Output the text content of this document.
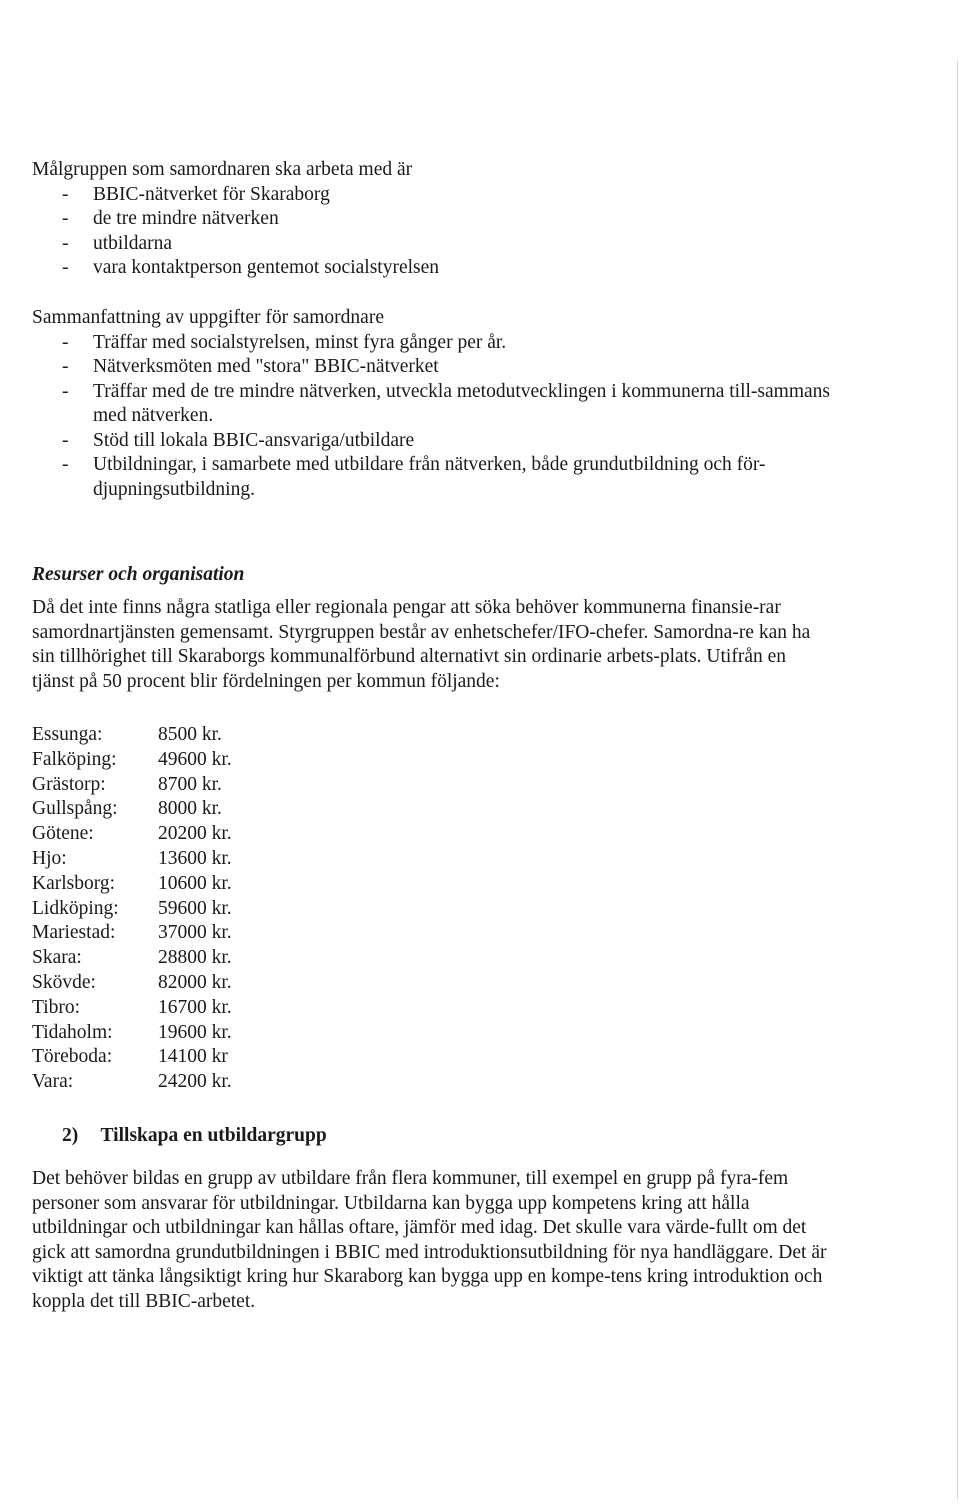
Målgruppen som samordnaren ska arbeta med är

- BBIC-nätverket för Skaraborg
- de tre mindre nätverken
- utbildarna
- vara kontaktperson gentemot socialstyrelsen

Sammanfattning av uppgifter för samordnare

- Träffar med socialstyrelsen, minst fyra gånger per år.
- Nätverksmöten med "stora" BBIC-nätverket
- Träffar med de tre mindre nätverken, utveckla metodutvecklingen i kommunerna till-sammans med nätverken.
- Stöd till lokala BBIC-ansvariga/utbildare
- Utbildningar, i samarbete med utbildare från nätverken, både grundutbildning och för-djupningsutbildning.

Resurser och organisation

Då det inte finns några statliga eller regionala pengar att söka behöver kommunerna finansie-rar samordnartjänsten gemensamt. Styrgruppen består av enhetschefer/IFO-chefer. Samordna-re kan ha sin tillhörighet till Skaraborgs kommunalförbund alternativt sin ordinarie arbets-plats. Utifrån en tjänst på 50 procent blir fördelningen per kommun följande:

Essunga:	8500 kr.
Falköping:	49600 kr.
Grästorp:	8700 kr.
Gullspång:	8000 kr.
Götene:	20200 kr.
Hjo:	13600 kr.
Karlsborg:	10600 kr.
Lidköping:	59600 kr.
Mariestad:	37000 kr.
Skara:	28800 kr.
Skövde:	82000 kr.
Tibro:	16700 kr.
Tidaholm:	19600 kr.
Töreboda:	14100 kr
Vara:	24200 kr.

2) Tillskapa en utbildargrupp

Det behöver bildas en grupp av utbildare från flera kommuner, till exempel en grupp på fyra-fem personer som ansvarar för utbildningar. Utbildarna kan bygga upp kompetens kring att hålla utbildningar och utbildningar kan hållas oftare, jämför med idag. Det skulle vara värde-fullt om det gick att samordna grundutbildningen i BBIC med introduktionsutbildning för nya handläggare. Det är viktigt att tänka långsiktigt kring hur Skaraborg kan bygga upp en kompe-tens kring introduktion och koppla det till BBIC-arbetet.
